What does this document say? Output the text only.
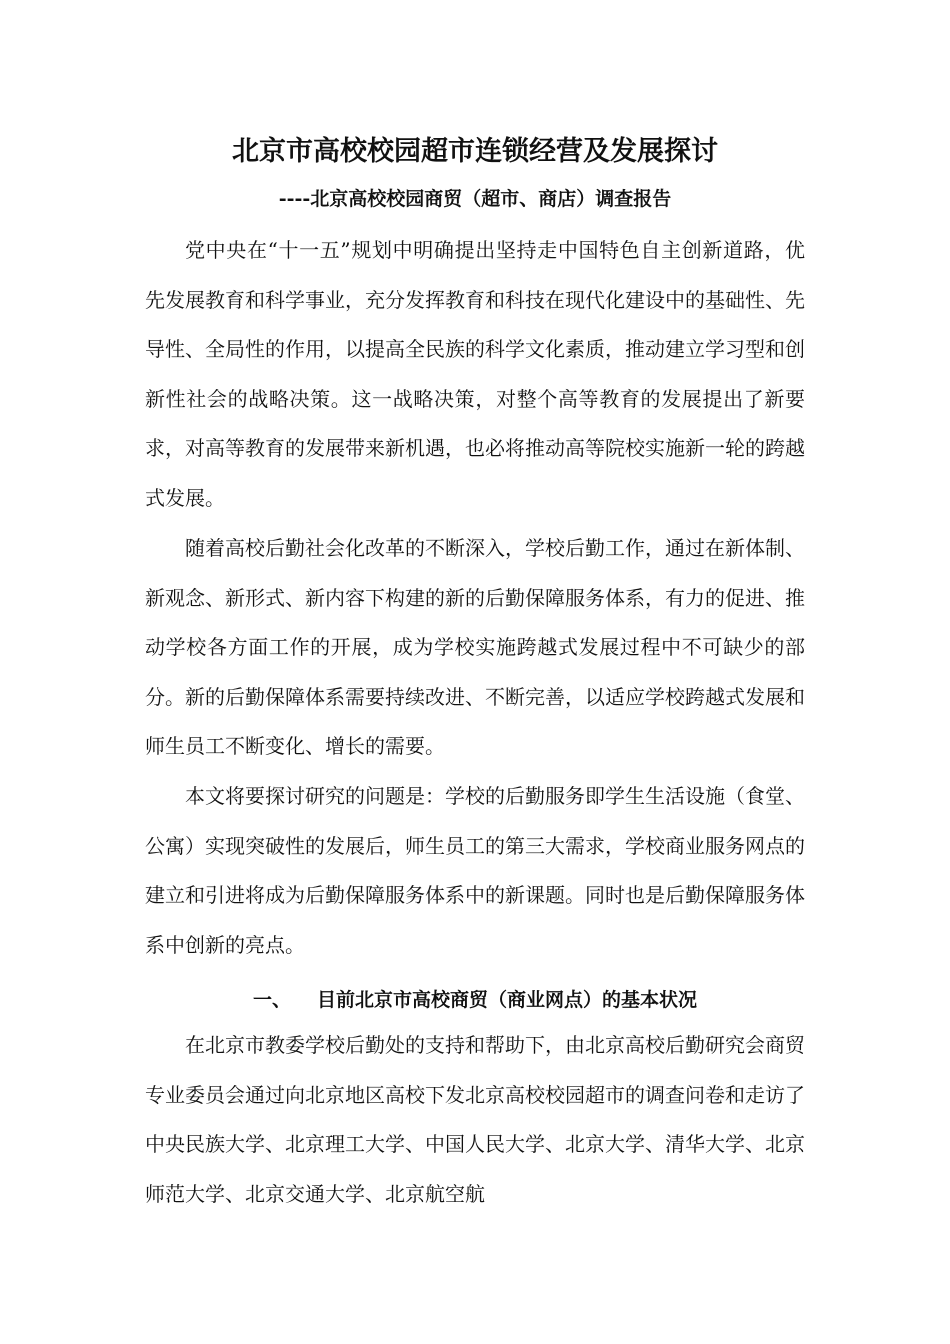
北京市高校校园超市连锁经营及发展探讨
----北京高校校园商贸（超市、商店）调查报告

党中央在“十一五”规划中明确提出坚持走中国特色自主创新道路，优先发展教育和科学事业，充分发挥教育和科技在现代化建设中的基础性、先导性、全局性的作用，以提高全民族的科学文化素质，推动建立学习型和创新性社会的战略决策。这一战略决策，对整个高等教育的发展提出了新要求，对高等教育的发展带来新机遇，也必将推动高等院校实施新一轮的跨越式发展。

随着高校后勤社会化改革的不断深入，学校后勤工作，通过在新体制、新观念、新形式、新内容下构建的新的后勤保障服务体系，有力的促进、推动学校各方面工作的开展，成为学校实施跨越式发展过程中不可缺少的部分。新的后勤保障体系需要持续改进、不断完善，以适应学校跨越式发展和师生员工不断变化、增长的需要。

本文将要探讨研究的问题是：学校的后勤服务即学生生活设施（食堂、公寓）实现突破性的发展后，师生员工的第三大需求，学校商业服务网点的建立和引进将成为后勤保障服务体系中的新课题。同时也是后勤保障服务体系中创新的亮点。

一、 目前北京市高校商贸（商业网点）的基本状况

在北京市教委学校后勤处的支持和帮助下，由北京高校后勤研究会商贸专业委员会通过向北京地区高校下发北京高校校园超市的调查问卷和走访了中央民族大学、北京理工大学、中国人民大学、北京大学、清华大学、北京师范大学、北京交通大学、北京航空航
